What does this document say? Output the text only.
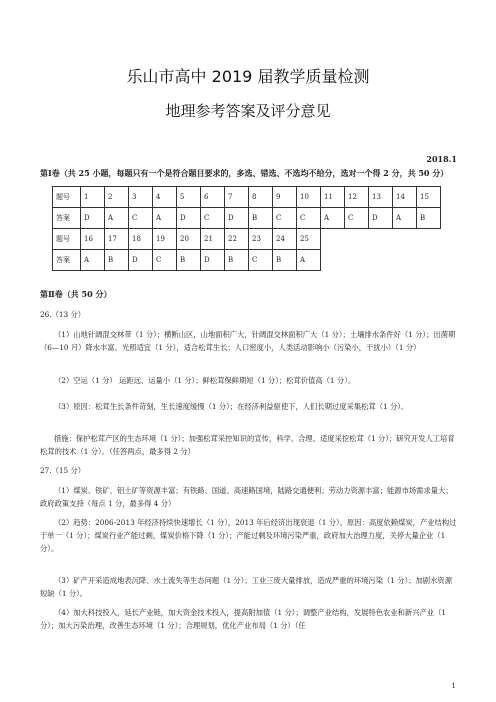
乐山市高中 2019 届教学质量检测
地理参考答案及评分意见
2018.1
第Ⅰ卷（共 25 小题，每题只有一个是符合题目要求的，多选、错选、不选均不给分，选对一个得 2 分，共 50 分）
题号	1	2	3	4	5	6	7	8	9	10	11	12	13	14	15
答案	D	A	C	A	D	C	D	B	C	C	A	C	D	A	B
题号	16	17	18	19	20	21	22	23	24	25					
答案	A	B	D	C	B	D	B	C	B	A					
第Ⅱ卷（共 50 分）
26.（13 分）
（1）山地针阔混交林带（1 分）；横断山区，山地面积广大，针阔混交林面积广大（1 分）；土壤排水条件好（1 分）；出菌期（6—10 月）降水丰富、光照适宜（1 分），适合松茸生长；人口密度小，人类活动影响小（污染小，干扰小）（1 分）
（2）空运（1 分） 运距远、运量小（1 分）；鲜松茸保鲜期短（1 分）；松茸价值高（1 分）。
（3）原因：松茸生长条件苛刻，生长速度缓慢（1 分）；在经济利益驱使下，人们长期过度采集松茸（1 分）。
措施：保护松茸产区的生态环境（1 分）；加强松茸采控知识的宣传，科学、合理、适度采挖松茸（1 分）；研究开发人工培育松茸的技术（1 分）。（任答两点，最多得 2 分）
27.（15 分）
（1）煤炭、铁矿、铝土矿等资源丰富；有铁路、国道、高速路国境，陆路交通便利；劳动力资源丰富；能源市场需求量大；政府政策支持（每点 1 分，最多得 4 分）
（2）趋势：2006-2013 年经济持续快速增长（1 分），2013 年后经济出现衰退（1 分）。原因：高度依赖煤炭，产业结构过于单一（1 分）；煤炭行业产能过剩，煤炭价格下降（1 分）；产能过剩及环境污染严重，政府加大治理力度，关停大量企业（1 分）。
（3）矿产开采造成地表沉降、水土流失等生态问题（1 分）；工业三废大量排放，造成严重的环境污染（1 分）；加剧水资源短缺（1 分）。
（4）加大科技投入，延长产业链，加大资金技术投入，提高附加值（1 分）；调整产业结构，发展特色农业和新兴产业（1 分）；加大污染治理，改善生态环境（1 分）；合理规划，优化产业布局（1 分）（任
1
